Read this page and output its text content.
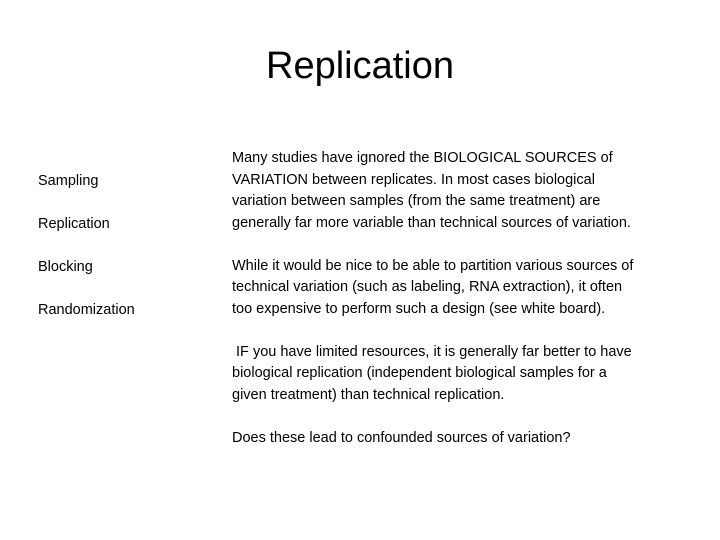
Replication
Sampling
Replication
Blocking
Randomization

Many studies have ignored the BIOLOGICAL SOURCES of
VARIATION between replicates. In most cases biological
variation between samples (from the same treatment) are
generally far more variable than technical sources of variation.

While it would be nice to be able to partition various sources of
technical variation (such as labeling, RNA extraction), it often
too expensive to perform such a design (see white board).

IF you have limited resources, it is generally far better to have
biological replication (independent biological samples for a
given treatment) than technical replication.

Does these lead to confounded sources of variation?
